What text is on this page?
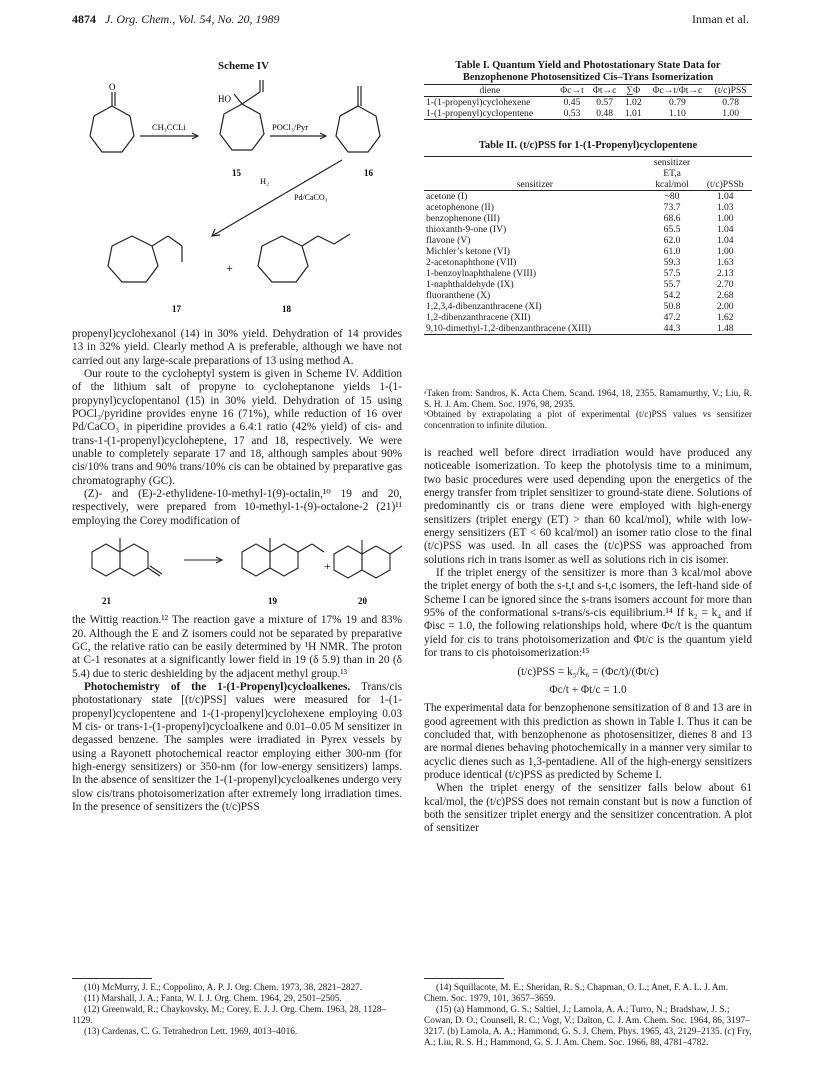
4874 J. Org. Chem., Vol. 54, No. 20, 1989	Inman et al.
Scheme IV
O
HO
CH₃CCLi	POCl₃/Pyr
15	16
H₂
Pd/CaCO₃
+
17	18

propenyl)cyclohexanol (14) in 30% yield. Dehydration of 14 provides 13 in 32% yield. Clearly method A is preferable, although we have not carried out any large-scale preparations of 13 using method A.

Our route to the cycloheptyl system is given in Scheme IV. Addition of the lithium salt of propyne to cycloheptanone yields 1-(1-propynyl)cyclopentanol (15) in 30% yield. Dehydration of 15 using POCl₃/pyridine provides enyne 16 (71%), while reduction of 16 over Pd/CaCO₃ in piperidine provides a 6.4:1 ratio (42% yield) of cis- and trans-1-(1-propenyl)cycloheptene, 17 and 18, respectively. We were unable to completely separate 17 and 18, although samples about 90% cis/10% trans and 90% trans/10% cis can be obtained by preparative gas chromatography (GC).

(Z)- and (E)-2-ethylidene-10-methyl-1(9)-octalin,¹⁰ 19 and 20, respectively, were prepared from 10-methyl-1-(9)-octalone-2 (21)¹¹ employing the Corey modification of

21	19
+
20

the Wittig reaction.¹² The reaction gave a mixture of 17% 19 and 83% 20. Although the E and Z isomers could not be separated by preparative GC, the relative ratio can be easily determined by ¹H NMR. The proton at C-1 resonates at a significantly lower field in 19 (δ 5.9) than in 20 (δ 5.4) due to steric deshielding by the adjacent methyl group.¹³

Photochemistry of the 1-(1-Propenyl)cycloalkenes. Trans/cis photostationary state [(t/c)PSS] values were measured for 1-(1-propenyl)cyclopentene and 1-(1-propenyl)cyclohexene employing 0.03 M cis- or trans-1-(1-propenyl)cycloalkene and 0.01–0.05 M sensitizer in degassed benzene. The samples were irradiated in Pyrex vessels by using a Rayonett photochemical reactor employing either 300-nm (for high-energy sensitizers) or 350-nm (for low-energy sensitizers) lamps. In the absence of sensitizer the 1-(1-propenyl)cycloalkenes undergo very slow cis/trans photoisomerization after extremely long irradiation times. In the presence of sensitizers the (t/c)PSS

Table I. Quantum Yield and Photostationary State Data for Benzophenone Photosensitized Cis–Trans Isomerization
diene	Φc→t	Φt→c	∑Φ	Φc→t/Φt→c	(t/c)PSS
1-(1-propenyl)cyclohexene	0.45	0.57	1.02	0.79	0.78
1-(1-propenyl)cyclopentene	0.53	0.48	1.01	1.10	1.00
Table II. (t/c)PSS for 1-(1-Propenyl)cyclopentene
	sensitizer	
	ET,a	
sensitizer	kcal/mol	(t/c)PSSb
acetone (I)	~80	1.04
acetophenone (II)	73.7	1.03
benzophenone (III)	68.6	1.00
thioxanth-9-one (IV)	65.5	1.04
flavone (V)	62.0	1.04
Michler’s ketone (VI)	61.0	1.00
2-acetonaphthone (VII)	59.3	1.63
1-benzoylnaphthalene (VIII)	57.5	2.13
1-naphthaldehyde (IX)	55.7	2.70
fluoranthene (X)	54.2	2.68
1,2,3,4-dibenzanthracene (XI)	50.8	2.00
1,2-dibenzanthracene (XII)	47.2	1.62
9,10-dimethyl-1,2-dibenzanthracene (XIII)	44.3	1.48

ᵃTaken from: Sandros, K. Acta Chem. Scand. 1964, 18, 2355. Ramamurthy, V.; Liu, R. S. H. J. Am. Chem. Soc. 1976, 98, 2935.

ᵇObtained by extrapolating a plot of experimental (t/c)PSS values vs sensitizer concentration to infinite dilution.

is reached well before direct irradiation would have produced any noticeable isomerization. To keep the photolysis time to a minimum, two basic procedures were used depending upon the energetics of the energy transfer from triplet sensitizer to ground-state diene. Solutions of predominantly cis or trans diene were employed with high-energy sensitizers (triplet energy (ET) > than 60 kcal/mol), while with low-energy sensitizers (ET < 60 kcal/mol) an isomer ratio close to the final (t/c)PSS was used. In all cases the (t/c)PSS was approached from solutions rich in trans isomer as well as solutions rich in cis isomer.

If the triplet energy of the sensitizer is more than 3 kcal/mol above the triplet energy of both the s-t,t and s-t,c isomers, the left-hand side of Scheme I can be ignored since the s-trans isomers account for more than 95% of the conformational s-trans/s-cis equilibrium.¹⁴ If k₂ = k₄ and if Φisc = 1.0, the following relationships hold, where Φc/t is the quantum yield for cis to trans photoisomerization and Φt/c is the quantum yield for trans to cis photoisomerization:¹⁵

(t/c)PSS = k₅/k₆ = (Φc/t)/(Φt/c)
Φc/t + Φt/c = 1.0

The experimental data for benzophenone sensitization of 8 and 13 are in good agreement with this prediction as shown in Table I. Thus it can be concluded that, with benzophenone as photosensitizer, dienes 8 and 13 are normal dienes behaving photochemically in a manner very similar to acyclic dienes such as 1,3-pentadiene. All of the high-energy sensitizers produce identical (t/c)PSS as predicted by Scheme I.

When the triplet energy of the sensitizer falls below about 61 kcal/mol, the (t/c)PSS does not remain constant but is now a function of both the sensitizer triplet energy and the sensitizer concentration. A plot of sensitizer

(10) McMurry, J. E.; Coppolino, A. P. J. Org. Chem. 1973, 38, 2821–2827.

(11) Marshall, J. A.; Fanta, W. I. J. Org. Chem. 1964, 29, 2501–2505.

(12) Greenwald, R.; Chaykovsky, M.; Corey, E. J. J. Org. Chem. 1963, 28, 1128–1129.

(13) Cardenas, C. G. Tetrahedron Lett. 1969, 4013–4016.

(14) Squillacote, M. E.; Sheridan, R. S.; Chapman, O. L.; Anet, F. A. L. J. Am. Chem. Soc. 1979, 101, 3657–3659.

(15) (a) Hammond, G. S.; Saltiel, J.; Lamola, A. A.; Turro, N.; Bradshaw, J. S.; Cowan, D. O.; Counsell, R. C.; Vogt, V.; Dalton, C. J. Am. Chem. Soc. 1964, 86, 3197–3217. (b) Lamola, A. A.; Hammond, G. S. J. Chem. Phys. 1965, 43, 2129–2135. (c) Fry, A.; Liu, R. S. H.; Hammond, G. S. J. Am. Chem. Soc. 1966, 88, 4781–4782.
